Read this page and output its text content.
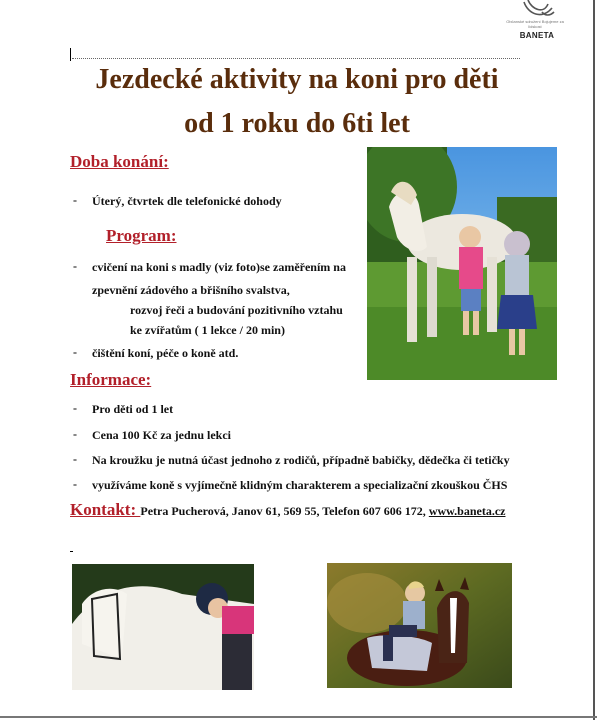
Občanské sdružení Bojujeme za lidskost
BANETA
Jezdecké aktivity na koni pro děti
od 1 roku do 6ti let
Doba konání:
- Úterý, čtvrtek dle telefonické dohody
Program:
- cvičení na koni s madly (viz foto)se zaměřením na
zpevnění zádového a břišního svalstva,
rozvoj řeči a budování pozitivního vztahu
ke zvířatům ( 1 lekce / 20 min)
- čištění koní, péče o koně atd.
Informace:
- Pro děti od 1 let
- Cena 100 Kč za jednu lekci
- Na kroužku je nutná účast jednoho z rodičů, případně babičky, dědečka či tetičky
- využíváme koně s vyjímečně klidným charakterem a specializační zkouškou ČHS
Kontakt: Petra Pucherová, Janov 61, 569 55, Telefon 607 606 172, www.baneta.cz
